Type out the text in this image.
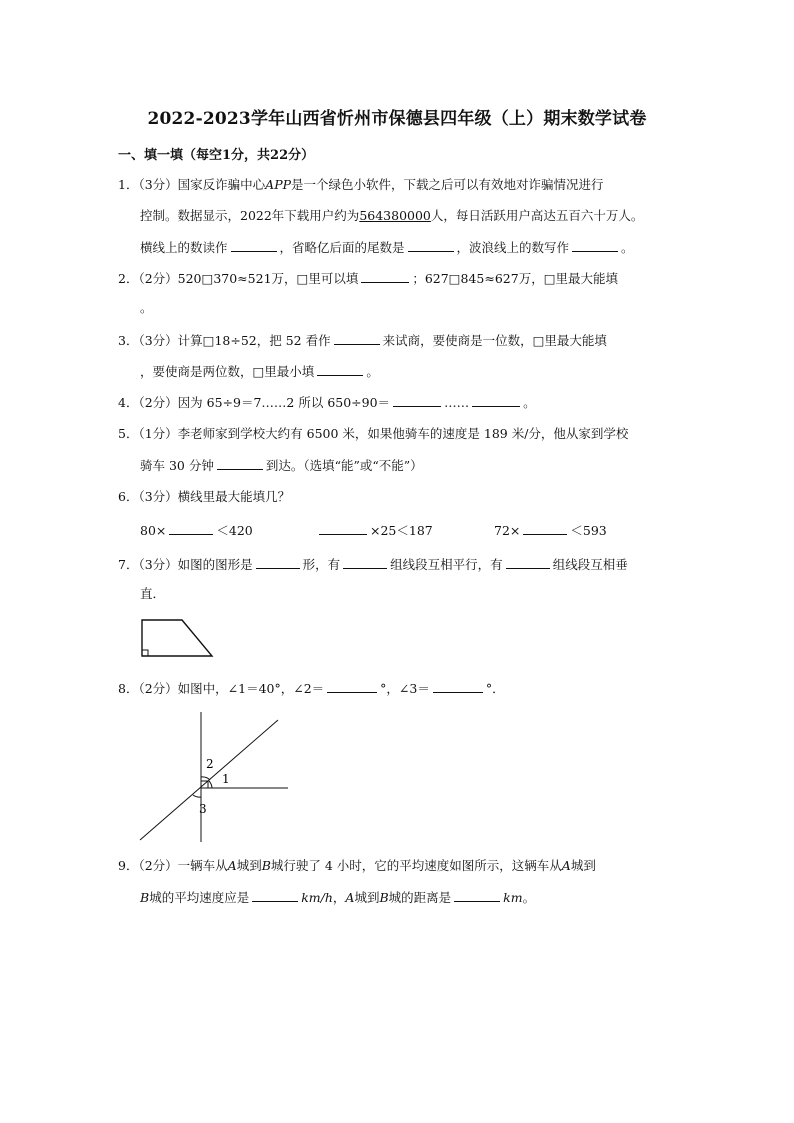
2022-2023学年山西省忻州市保德县四年级（上）期末数学试卷
一、填一填（每空1分，共22分）
1．（3分）国家反诈骗中心APP是一个绿色小软件，下载之后可以有效地对诈骗情况进行
控制。数据显示，2022年下载用户约为564380000人，每日活跃用户高达五百六十万人。
横线上的数读作	，省略亿后面的尾数是	，波浪线上的数写作	。
2．（2分）520□370≈521万，□里可以填	；627□845≈627万，□里最大能填
。
3．（3分）计算□18÷52，把 52 看作	来试商，要使商是一位数，□里最大能填
，要使商是两位数，□里最小填	。
4．（2分）因为 65÷9＝7……2 所以 650÷90＝	……	。
5．（1分）李老师家到学校大约有 6500 米，如果他骑车的速度是 189 米/分，他从家到学校
骑车 30 分钟	到达。（选填“能”或“不能”）
6．（3分）横线里最大能填几？
80×	＜420	×25＜187	72×	＜593
7．（3分）如图的图形是	形，有	组线段互相平行，有	组线段互相垂
直．
8．（2分）如图中，∠1＝40°，∠2＝	°，∠3＝	°．
1
2
3
9．（2分）一辆车从A城到B城行驶了 4 小时，它的平均速度如图所示，这辆车从A城到
B城的平均速度应是	km/h，A城到B城的距离是	km。
